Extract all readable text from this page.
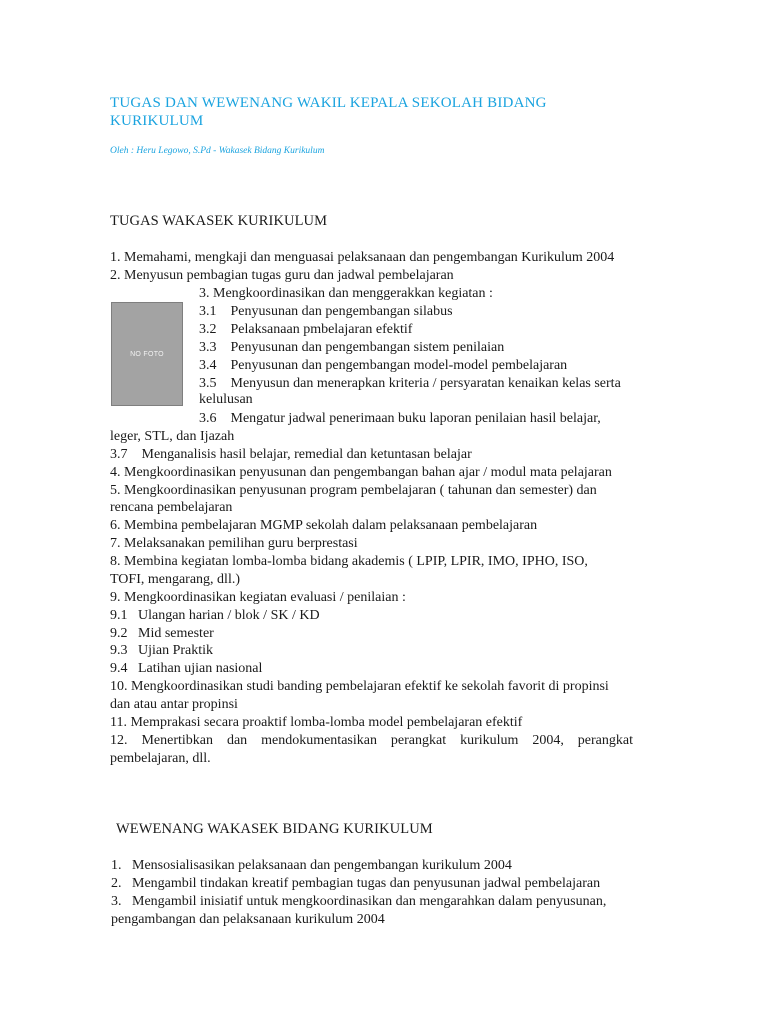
TUGAS DAN WEWENANG WAKIL KEPALA SEKOLAH BIDANG KURIKULUM
Oleh : Heru Legowo, S.Pd - Wakasek Bidang Kurikulum
TUGAS WAKASEK KURIKULUM
NO FOTO
1. Memahami, mengkaji dan menguasai pelaksanaan dan pengembangan Kurikulum 2004
2. Menyusun pembagian tugas guru dan jadwal pembelajaran
3. Mengkoordinasikan dan menggerakkan kegiatan :
3.1    Penyusunan dan pengembangan silabus
3.2    Pelaksanaan pmbelajaran efektif
3.3    Penyusunan dan pengembangan sistem penilaian
3.4    Penyusunan dan pengembangan model-model pembelajaran
3.5    Menyusun dan menerapkan kriteria / persyaratan kenaikan kelas serta
kelulusan
3.6    Mengatur jadwal penerimaan buku laporan penilaian hasil belajar,
leger, STL, dan Ijazah
3.7    Menganalisis hasil belajar, remedial dan ketuntasan belajar
4. Mengkoordinasikan penyusunan dan pengembangan bahan ajar / modul mata pelajaran
5. Mengkoordinasikan penyusunan program pembelajaran ( tahunan dan semester) dan
rencana pembelajaran
6. Membina pembelajaran MGMP sekolah dalam pelaksanaan pembelajaran
7. Melaksanakan pemilihan guru berprestasi
8. Membina kegiatan lomba-lomba bidang akademis ( LPIP, LPIR, IMO, IPHO, ISO,
TOFI, mengarang, dll.)
9. Mengkoordinasikan kegiatan evaluasi / penilaian :
9.1   Ulangan harian / blok / SK / KD
9.2   Mid semester
9.3   Ujian Praktik
9.4   Latihan ujian nasional
10. Mengkoordinasikan studi banding pembelajaran efektif ke sekolah favorit di propinsi
dan atau antar propinsi
11. Memprakasi secara proaktif lomba-lomba model pembelajaran efektif
12. Menertibkan dan mendokumentasikan perangkat kurikulum 2004, perangkat
pembelajaran, dll.
WEWENANG WAKASEK BIDANG KURIKULUM
1.   Mensosialisasikan pelaksanaan dan pengembangan kurikulum 2004
2.   Mengambil tindakan kreatif pembagian tugas dan penyusunan jadwal pembelajaran
3.   Mengambil inisiatif untuk mengkoordinasikan dan mengarahkan dalam penyusunan,
pengambangan dan pelaksanaan kurikulum 2004
